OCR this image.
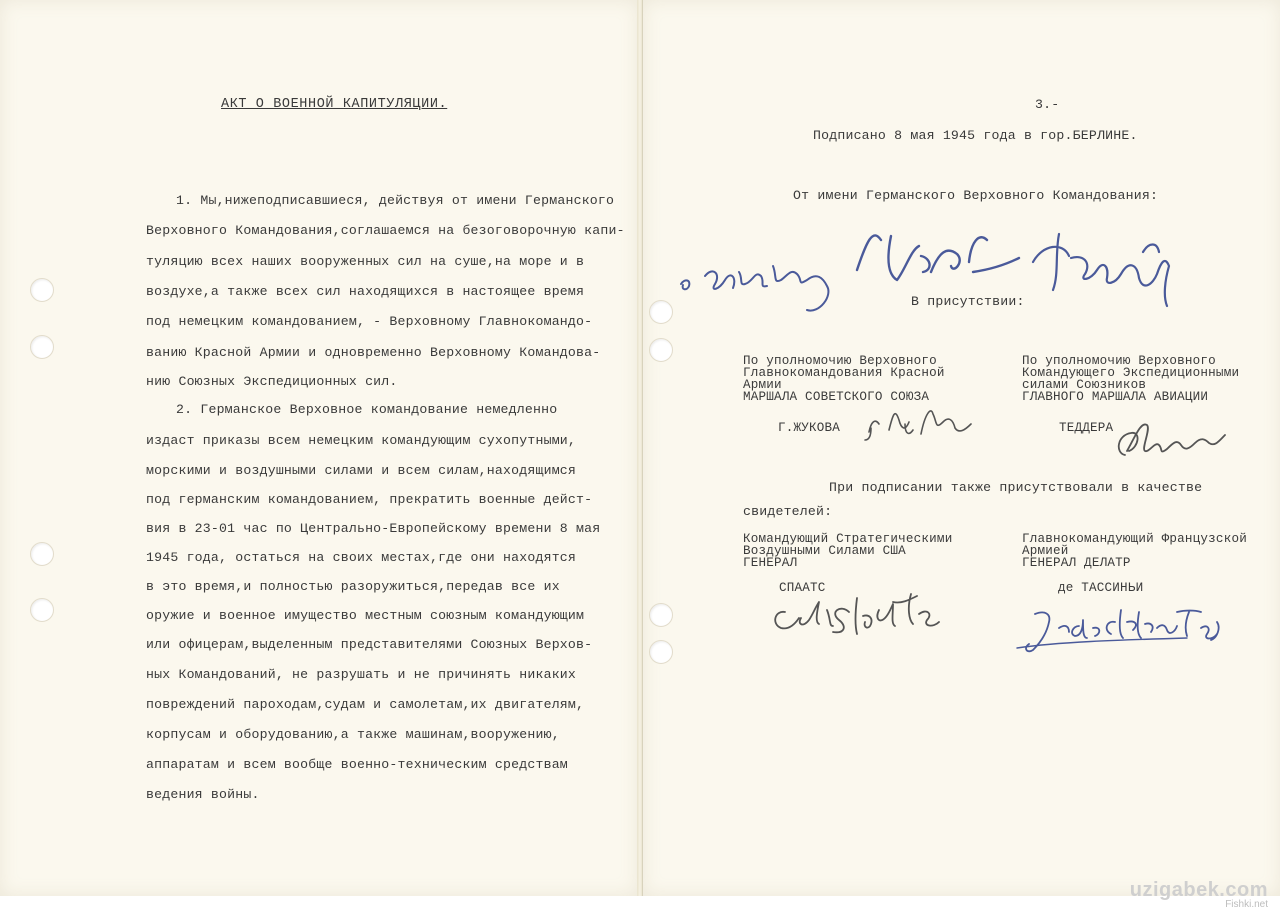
АКТ О ВОЕННОЙ КАПИТУЛЯЦИИ.
1. Мы,нижеподписавшиеся, действуя от имени Германского
Верховного Командования,соглашаемся на безоговорочную капи-
туляцию всех наших вооруженных сил на суше,на море и в
воздухе,а также всех сил находящихся в настоящее время
под немецким командованием, - Верховному Главнокомандо-
ванию Красной Армии и одновременно Верховному Командова-
нию Союзных Экспедиционных сил.
2. Германское Верховное командование немедленно
издаст приказы всем немецким командующим сухопутными,
морскими и воздушными силами и всем силам,находящимся
под германским командованием, прекратить военные дейст-
вия в 23-01 час по Центрально-Европейскому времени 8 мая
1945 года, остаться на своих местах,где они находятся
в это время,и полностью разоружиться,передав все их
оружие и военное имущество местным союзным командующим
или офицерам,выделенным представителями Союзных Верхов-
ных Командований, не разрушать и не причинять никаких
повреждений пароходам,судам и самолетам,их двигателям,
корпусам и оборудованию,а также машинам,вооружению,
аппаратам и всем вообще военно-техническим средствам
ведения войны.
3.-
Подписано 8 мая 1945 года в гор.БЕРЛИНЕ.
От имени Германского Верховного Командования:
В присутствии:
По уполномочию Верховного
Главнокомандования Красной
Армии
МАРШАЛА СОВЕТСКОГО СОЮЗА
Г.ЖУКОВА
По уполномочию Верховного
Командующего Экспедиционными
силами Союзников
ГЛАВНОГО МАРШАЛА АВИАЦИИ
ТЕДДЕРА
При подписании также присутствовали в качестве
свидетелей:
Командующий Стратегическими
Воздушными Силами США
ГЕНЕРАЛ
СПААТС
Главнокомандующий Французской
Армией
ГЕНЕРАЛ ДЕЛАТР
де ТАССИНЬИ
uzigabek.com
Fishki.net
